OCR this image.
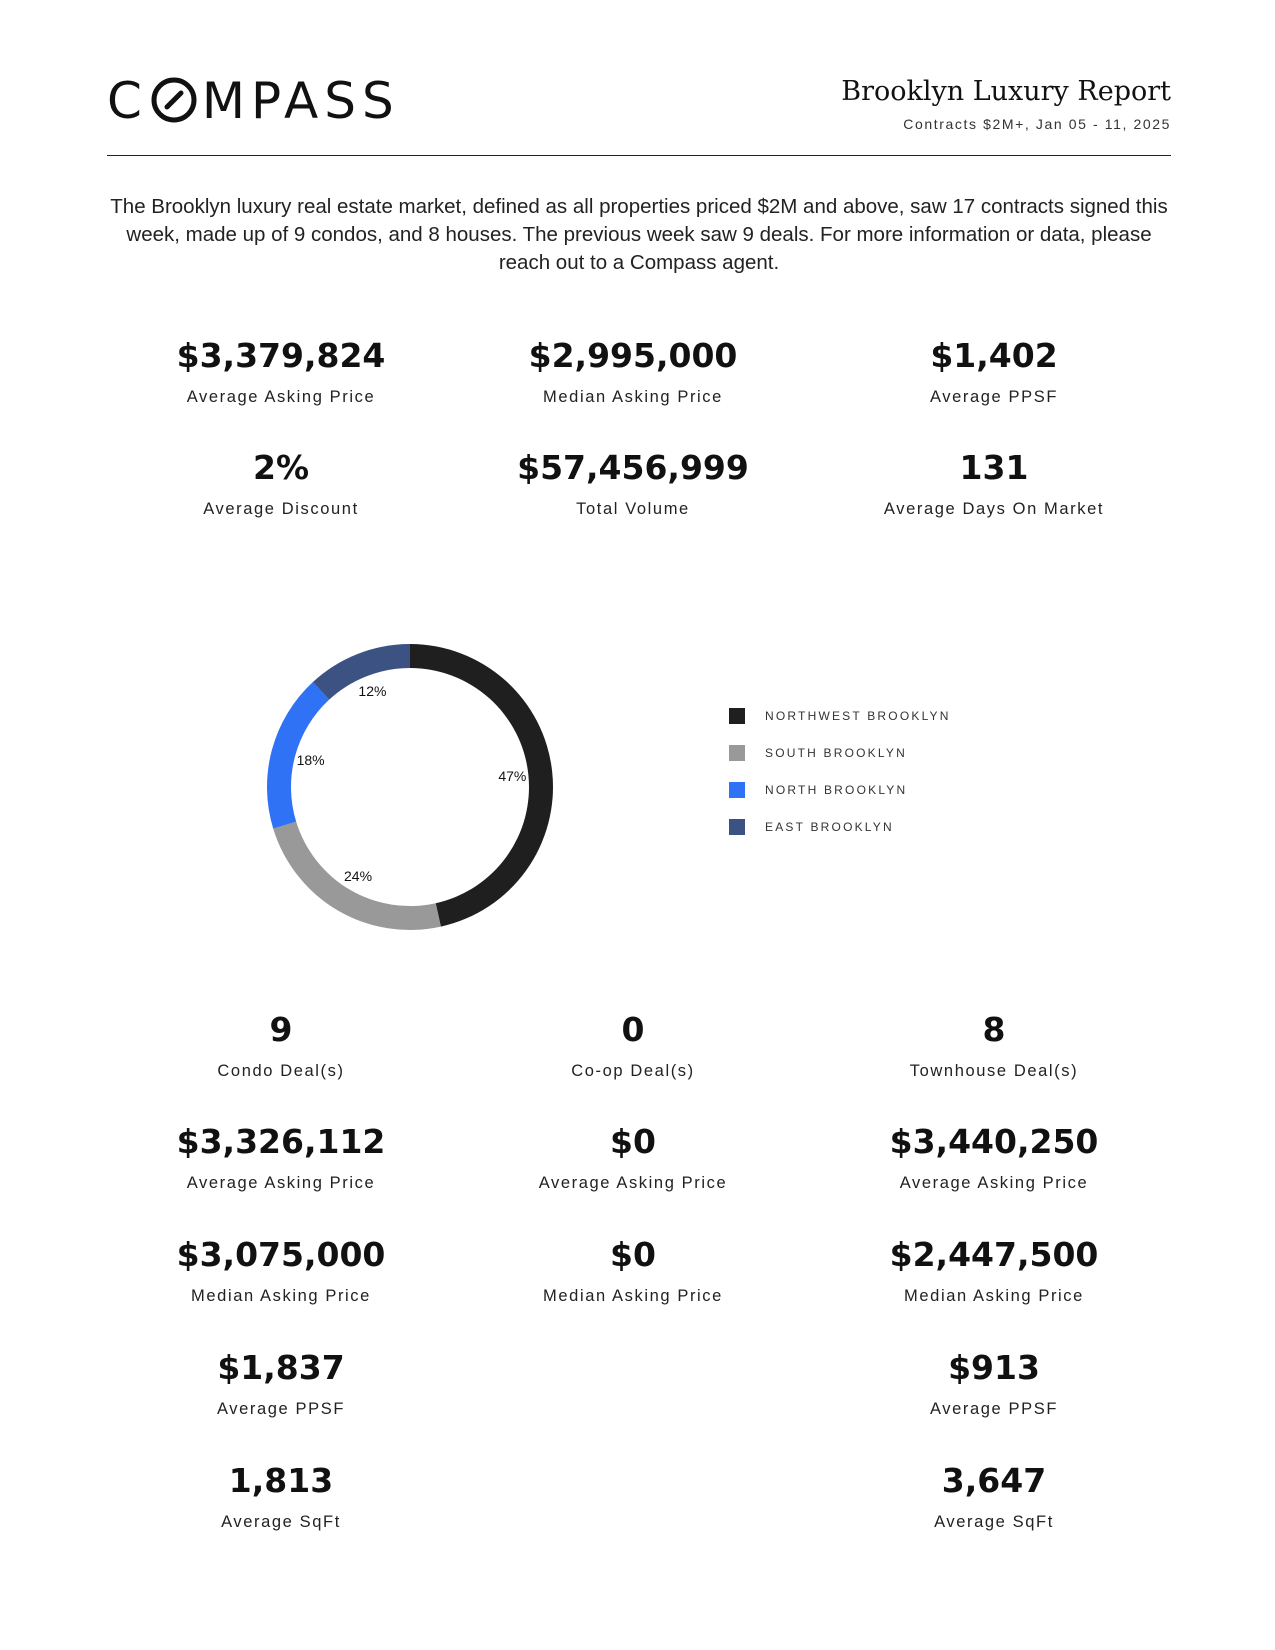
C MPASS	Brooklyn Luxury Report
Contracts $2M+, Jan 05 - 11, 2025
The Brooklyn luxury real estate market, defined as all properties priced $2M and above, saw 17 contracts signed this week, made up of 9 condos, and 8 houses. The previous week saw 9 deals. For more information or data, please reach out to a Compass agent.
$3,379,824
Average Asking Price
$2,995,000
Median Asking Price
$1,402
Average PPSF
2%
Average Discount
$57,456,999
Total Volume
131
Average Days On Market
47%
24%
18%
12%
NORTHWEST BROOKLYN
SOUTH BROOKLYN
NORTH BROOKLYN
EAST BROOKLYN
9
Condo Deal(s)
$3,326,112
Average Asking Price
$3,075,000
Median Asking Price
$1,837
Average PPSF
1,813
Average SqFt
0
Co-op Deal(s)
$0
Average Asking Price
$0
Median Asking Price
8
Townhouse Deal(s)
$3,440,250
Average Asking Price
$2,447,500
Median Asking Price
$913
Average PPSF
3,647
Average SqFt
